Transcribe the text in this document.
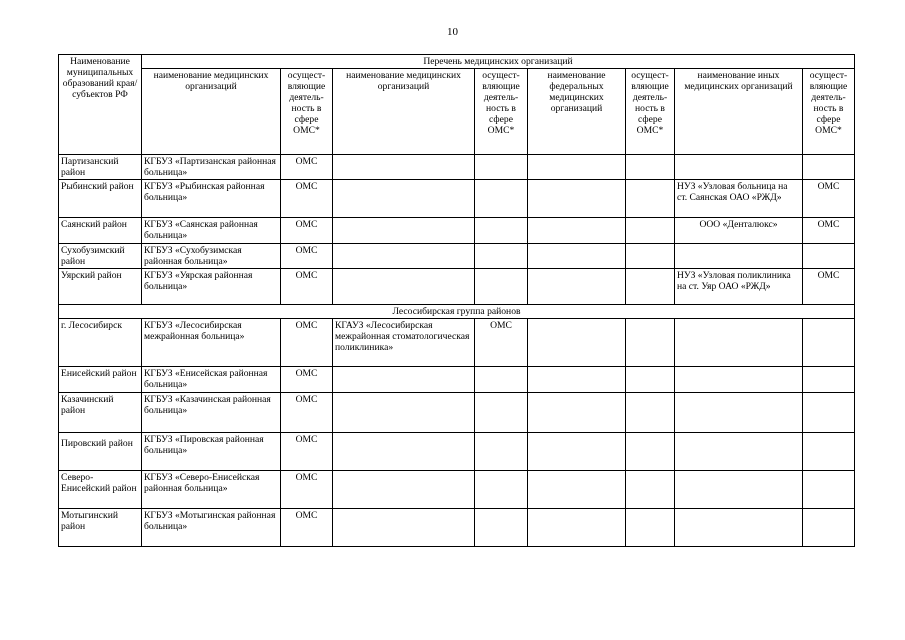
10
Наименование муниципальных образований края/субъектов РФ	Перечень медицинских организаций							
	наименование медицинских организаций	осущест-вляющие деятель-ность в сфере ОМС*	наименование медицинских организаций	осущест-вляющие деятель-ность в сфере ОМС*	наименование федеральных медицинских организаций	осущест-вляющие деятель-ность в сфере ОМС*	наименование иных медицинских организаций	осущест-вляющие деятель-ность в сфере ОМС*
Партизанский район	КГБУЗ «Партизанская районная больница»	ОМС						
Рыбинский район	КГБУЗ «Рыбинская районная больница»	ОМС					НУЗ «Узловая больница на ст. Саянская ОАО «РЖД»	ОМС
Саянский район	КГБУЗ «Саянская районная больница»	ОМС					ООО «Денталюкс»	ОМС
Сухобузимский район	КГБУЗ «Сухобузимская районная больница»	ОМС						
Уярский район	КГБУЗ «Уярская районная больница»	ОМС					НУЗ «Узловая поликлиника на ст. Уяр ОАО «РЖД»	ОМС
Лесосибирская группа районов								
г. Лесосибирск	КГБУЗ «Лесосибирская межрайонная больница»	ОМС	КГАУЗ «Лесосибирская межрайонная стоматологическая поликлиника»	ОМС				
Енисейский район	КГБУЗ «Енисейская районная больница»	ОМС						
Казачинский район	КГБУЗ «Казачинская районная больница»	ОМС						
Пировский район	КГБУЗ «Пировская районная больница»	ОМС						
Северо-Енисейский район	КГБУЗ «Северо-Енисейская районная больница»	ОМС						
Мотыгинский район	КГБУЗ «Мотыгинская районная больница»	ОМС						
